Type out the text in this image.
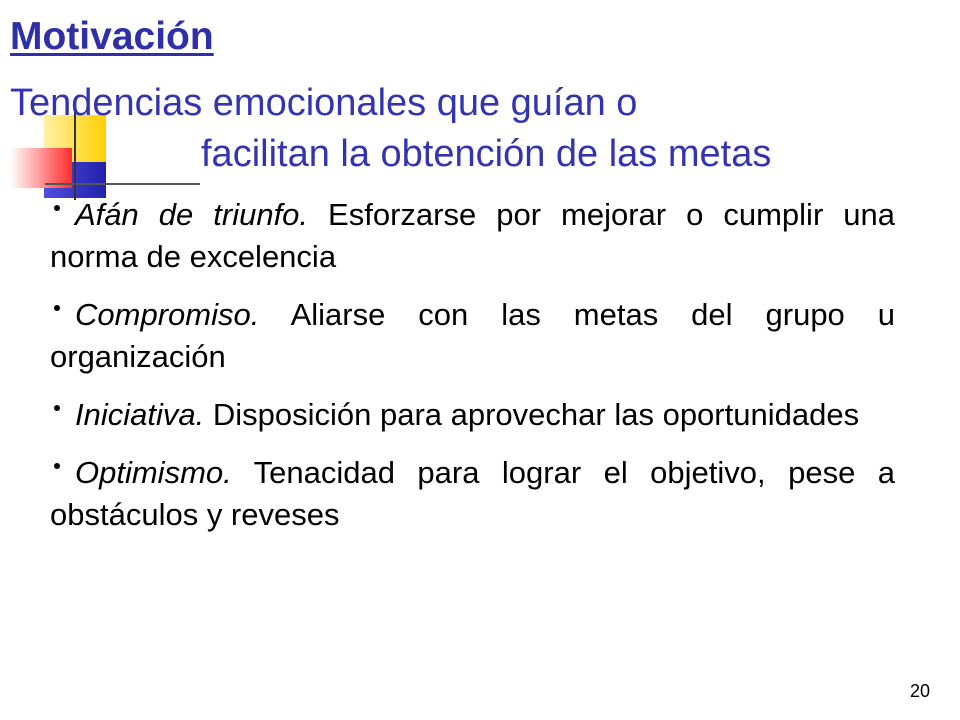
Motivación
Tendencias emocionales que guían o
facilitan la obtención de las metas
Afán de triunfo. Esforzarse por mejorar o cumplir una norma de excelencia
Compromiso. Aliarse con las metas del grupo u organización
Iniciativa. Disposición para aprovechar las oportunidades
Optimismo. Tenacidad para lograr el objetivo, pese a obstáculos y reveses
20
